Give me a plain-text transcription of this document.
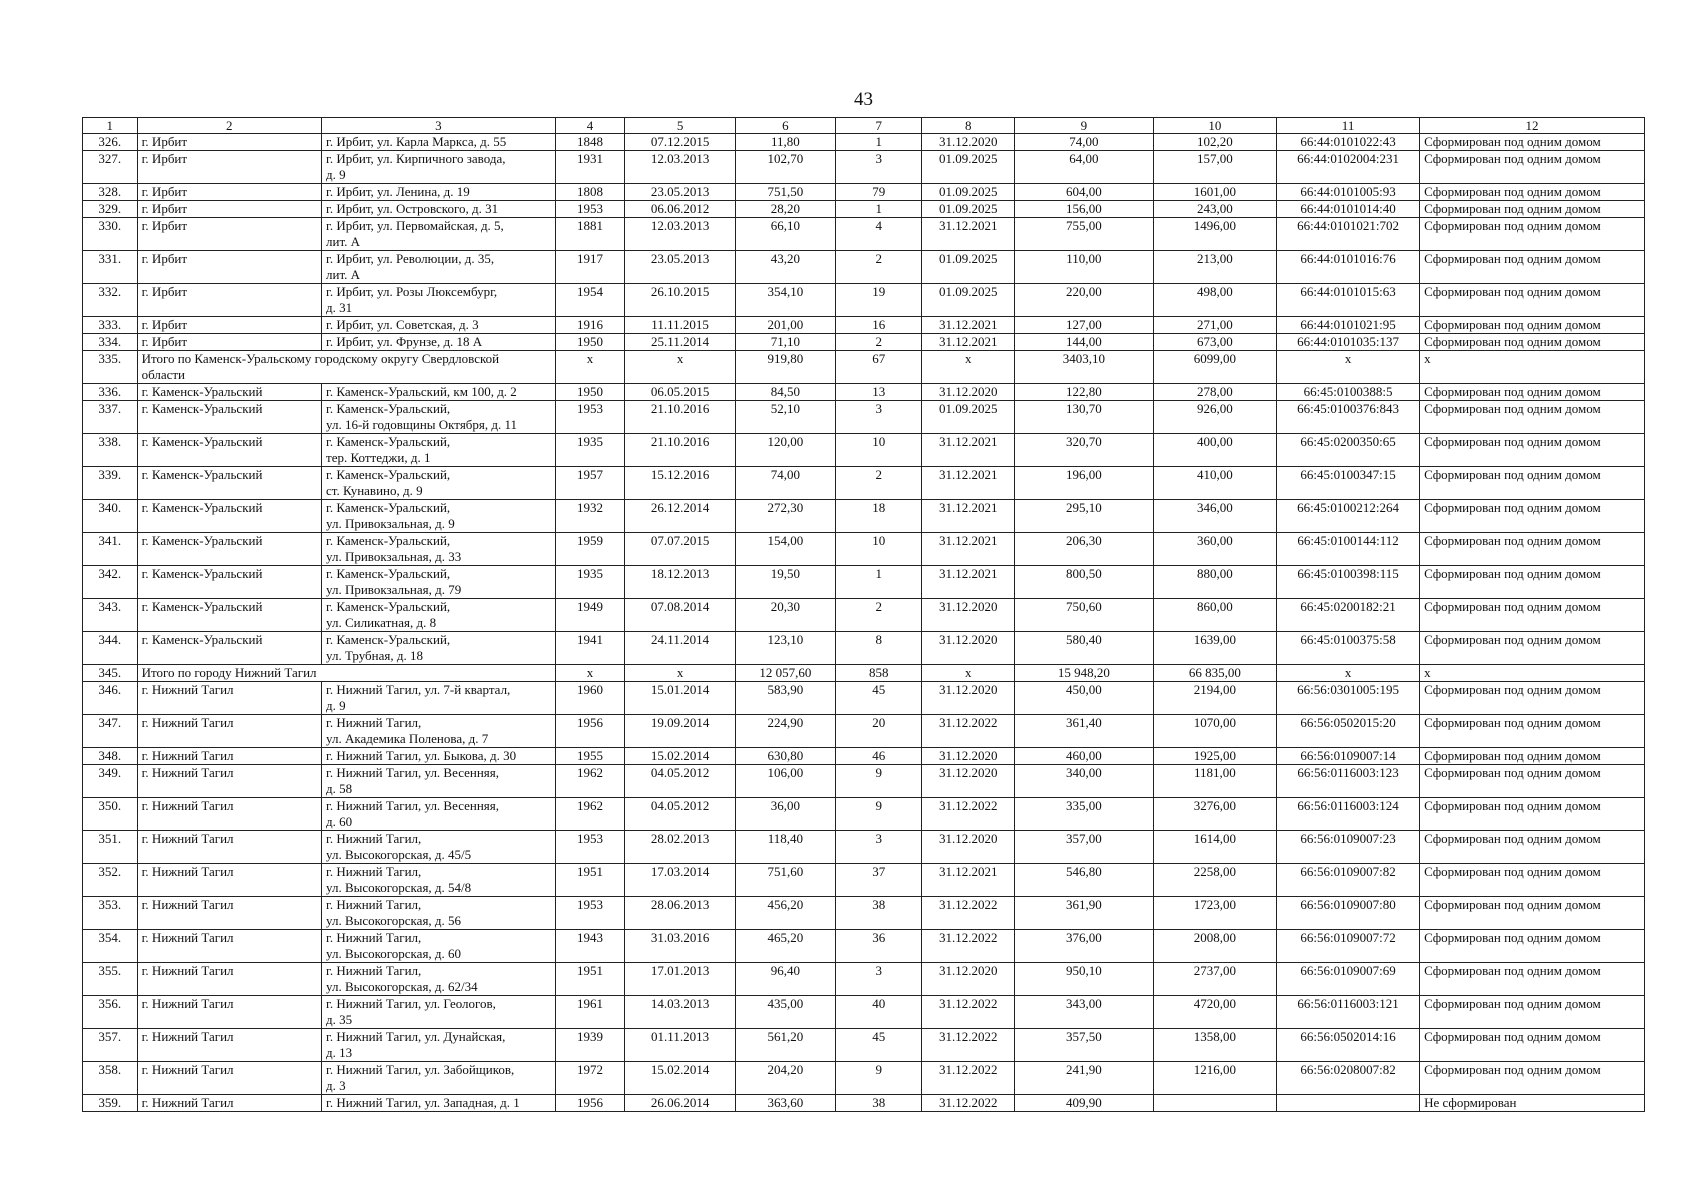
43
1	2	3	4	5	6	7	8	9	10	11	12
326.	г. Ирбит	г. Ирбит, ул. Карла Маркса, д. 55	1848	07.12.2015	11,80	1	31.12.2020	74,00	102,20	66:44:0101022:43	Сформирован под одним домом
327.	г. Ирбит	г. Ирбит, ул. Кирпичного завода,
д. 9	1931	12.03.2013	102,70	3	01.09.2025	64,00	157,00	66:44:0102004:231	Сформирован под одним домом
328.	г. Ирбит	г. Ирбит, ул. Ленина, д. 19	1808	23.05.2013	751,50	79	01.09.2025	604,00	1601,00	66:44:0101005:93	Сформирован под одним домом
329.	г. Ирбит	г. Ирбит, ул. Островского, д. 31	1953	06.06.2012	28,20	1	01.09.2025	156,00	243,00	66:44:0101014:40	Сформирован под одним домом
330.	г. Ирбит	г. Ирбит, ул. Первомайская, д. 5,
лит. А	1881	12.03.2013	66,10	4	31.12.2021	755,00	1496,00	66:44:0101021:702	Сформирован под одним домом
331.	г. Ирбит	г. Ирбит, ул. Революции, д. 35,
лит. А	1917	23.05.2013	43,20	2	01.09.2025	110,00	213,00	66:44:0101016:76	Сформирован под одним домом
332.	г. Ирбит	г. Ирбит, ул. Розы Люксембург,
д. 31	1954	26.10.2015	354,10	19	01.09.2025	220,00	498,00	66:44:0101015:63	Сформирован под одним домом
333.	г. Ирбит	г. Ирбит, ул. Советская, д. 3	1916	11.11.2015	201,00	16	31.12.2021	127,00	271,00	66:44:0101021:95	Сформирован под одним домом
334.	г. Ирбит	г. Ирбит, ул. Фрунзе, д. 18 А	1950	25.11.2014	71,10	2	31.12.2021	144,00	673,00	66:44:0101035:137	Сформирован под одним домом
335.	Итого по Каменск-Уральскому городскому округу Свердловской
области		х	х	919,80	67	х	3403,10	6099,00	х	х
336.	г. Каменск-Уральский	г. Каменск-Уральский, км 100, д. 2	1950	06.05.2015	84,50	13	31.12.2020	122,80	278,00	66:45:0100388:5	Сформирован под одним домом
337.	г. Каменск-Уральский	г. Каменск-Уральский,
ул. 16-й годовщины Октября, д. 11	1953	21.10.2016	52,10	3	01.09.2025	130,70	926,00	66:45:0100376:843	Сформирован под одним домом
338.	г. Каменск-Уральский	г. Каменск-Уральский,
тер. Коттеджи, д. 1	1935	21.10.2016	120,00	10	31.12.2021	320,70	400,00	66:45:0200350:65	Сформирован под одним домом
339.	г. Каменск-Уральский	г. Каменск-Уральский,
ст. Кунавино, д. 9	1957	15.12.2016	74,00	2	31.12.2021	196,00	410,00	66:45:0100347:15	Сформирован под одним домом
340.	г. Каменск-Уральский	г. Каменск-Уральский,
ул. Привокзальная, д. 9	1932	26.12.2014	272,30	18	31.12.2021	295,10	346,00	66:45:0100212:264	Сформирован под одним домом
341.	г. Каменск-Уральский	г. Каменск-Уральский,
ул. Привокзальная, д. 33	1959	07.07.2015	154,00	10	31.12.2021	206,30	360,00	66:45:0100144:112	Сформирован под одним домом
342.	г. Каменск-Уральский	г. Каменск-Уральский,
ул. Привокзальная, д. 79	1935	18.12.2013	19,50	1	31.12.2021	800,50	880,00	66:45:0100398:115	Сформирован под одним домом
343.	г. Каменск-Уральский	г. Каменск-Уральский,
ул. Силикатная, д. 8	1949	07.08.2014	20,30	2	31.12.2020	750,60	860,00	66:45:0200182:21	Сформирован под одним домом
344.	г. Каменск-Уральский	г. Каменск-Уральский,
ул. Трубная, д. 18	1941	24.11.2014	123,10	8	31.12.2020	580,40	1639,00	66:45:0100375:58	Сформирован под одним домом
345.	Итого по городу Нижний Тагил		х	х	12 057,60	858	х	15 948,20	66 835,00	х	х
346.	г. Нижний Тагил	г. Нижний Тагил, ул. 7-й квартал,
д. 9	1960	15.01.2014	583,90	45	31.12.2020	450,00	2194,00	66:56:0301005:195	Сформирован под одним домом
347.	г. Нижний Тагил	г. Нижний Тагил,
ул. Академика Поленова, д. 7	1956	19.09.2014	224,90	20	31.12.2022	361,40	1070,00	66:56:0502015:20	Сформирован под одним домом
348.	г. Нижний Тагил	г. Нижний Тагил, ул. Быкова, д. 30	1955	15.02.2014	630,80	46	31.12.2020	460,00	1925,00	66:56:0109007:14	Сформирован под одним домом
349.	г. Нижний Тагил	г. Нижний Тагил, ул. Весенняя,
д. 58	1962	04.05.2012	106,00	9	31.12.2020	340,00	1181,00	66:56:0116003:123	Сформирован под одним домом
350.	г. Нижний Тагил	г. Нижний Тагил, ул. Весенняя,
д. 60	1962	04.05.2012	36,00	9	31.12.2022	335,00	3276,00	66:56:0116003:124	Сформирован под одним домом
351.	г. Нижний Тагил	г. Нижний Тагил,
ул. Высокогорская, д. 45/5	1953	28.02.2013	118,40	3	31.12.2020	357,00	1614,00	66:56:0109007:23	Сформирован под одним домом
352.	г. Нижний Тагил	г. Нижний Тагил,
ул. Высокогорская, д. 54/8	1951	17.03.2014	751,60	37	31.12.2021	546,80	2258,00	66:56:0109007:82	Сформирован под одним домом
353.	г. Нижний Тагил	г. Нижний Тагил,
ул. Высокогорская, д. 56	1953	28.06.2013	456,20	38	31.12.2022	361,90	1723,00	66:56:0109007:80	Сформирован под одним домом
354.	г. Нижний Тагил	г. Нижний Тагил,
ул. Высокогорская, д. 60	1943	31.03.2016	465,20	36	31.12.2022	376,00	2008,00	66:56:0109007:72	Сформирован под одним домом
355.	г. Нижний Тагил	г. Нижний Тагил,
ул. Высокогорская, д. 62/34	1951	17.01.2013	96,40	3	31.12.2020	950,10	2737,00	66:56:0109007:69	Сформирован под одним домом
356.	г. Нижний Тагил	г. Нижний Тагил, ул. Геологов,
д. 35	1961	14.03.2013	435,00	40	31.12.2022	343,00	4720,00	66:56:0116003:121	Сформирован под одним домом
357.	г. Нижний Тагил	г. Нижний Тагил, ул. Дунайская,
д. 13	1939	01.11.2013	561,20	45	31.12.2022	357,50	1358,00	66:56:0502014:16	Сформирован под одним домом
358.	г. Нижний Тагил	г. Нижний Тагил, ул. Забойщиков,
д. 3	1972	15.02.2014	204,20	9	31.12.2022	241,90	1216,00	66:56:0208007:82	Сформирован под одним домом
359.	г. Нижний Тагил	г. Нижний Тагил, ул. Западная, д. 1	1956	26.06.2014	363,60	38	31.12.2022	409,90			Не сформирован
